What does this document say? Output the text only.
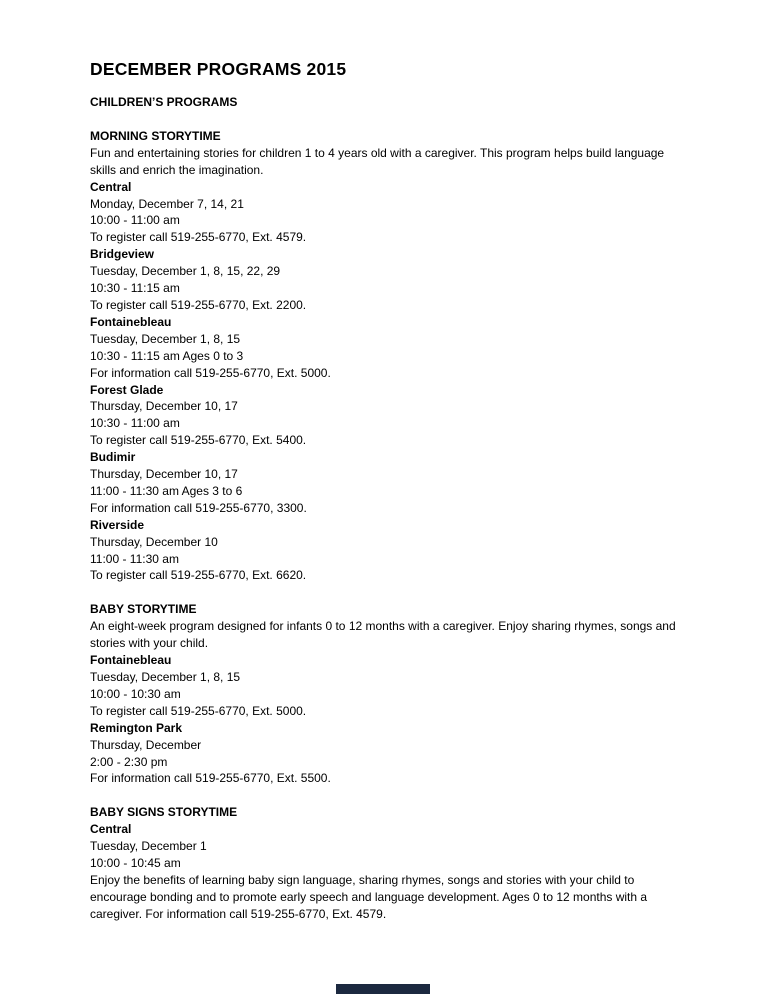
DECEMBER PROGRAMS 2015
CHILDREN’S PROGRAMS
MORNING STORYTIME

Fun and entertaining stories for children 1 to 4 years old with a caregiver. This program helps build language skills and enrich the imagination.

Central
Monday, December 7, 14, 21
10:00 - 11:00 am
To register call 519-255-6770, Ext. 4579.
Bridgeview
Tuesday, December 1, 8, 15, 22, 29
10:30 - 11:15 am
To register call 519-255-6770, Ext. 2200.
Fontainebleau
Tuesday, December 1, 8, 15
10:30 - 11:15 am Ages 0 to 3
For information call 519-255-6770, Ext. 5000.
Forest Glade
Thursday, December 10, 17
10:30 - 11:00 am
To register call 519-255-6770, Ext. 5400.
Budimir
Thursday, December 10, 17
11:00 - 11:30 am Ages 3 to 6
For information call 519-255-6770, 3300.
Riverside
Thursday, December 10
11:00 - 11:30 am
To register call 519-255-6770, Ext. 6620.
BABY STORYTIME

An eight-week program designed for infants 0 to 12 months with a caregiver. Enjoy sharing rhymes, songs and stories with your child.

Fontainebleau
Tuesday, December 1, 8, 15
10:00 - 10:30 am
To register call 519-255-6770, Ext. 5000.
Remington Park
Thursday, December
2:00 - 2:30 pm
For information call 519-255-6770, Ext. 5500.
BABY SIGNS STORYTIME
Central
Tuesday, December 1
10:00 - 10:45 am

Enjoy the benefits of learning baby sign language, sharing rhymes, songs and stories with your child to encourage bonding and to promote early speech and language development. Ages 0 to 12 months with a caregiver. For information call 519-255-6770, Ext. 4579.
